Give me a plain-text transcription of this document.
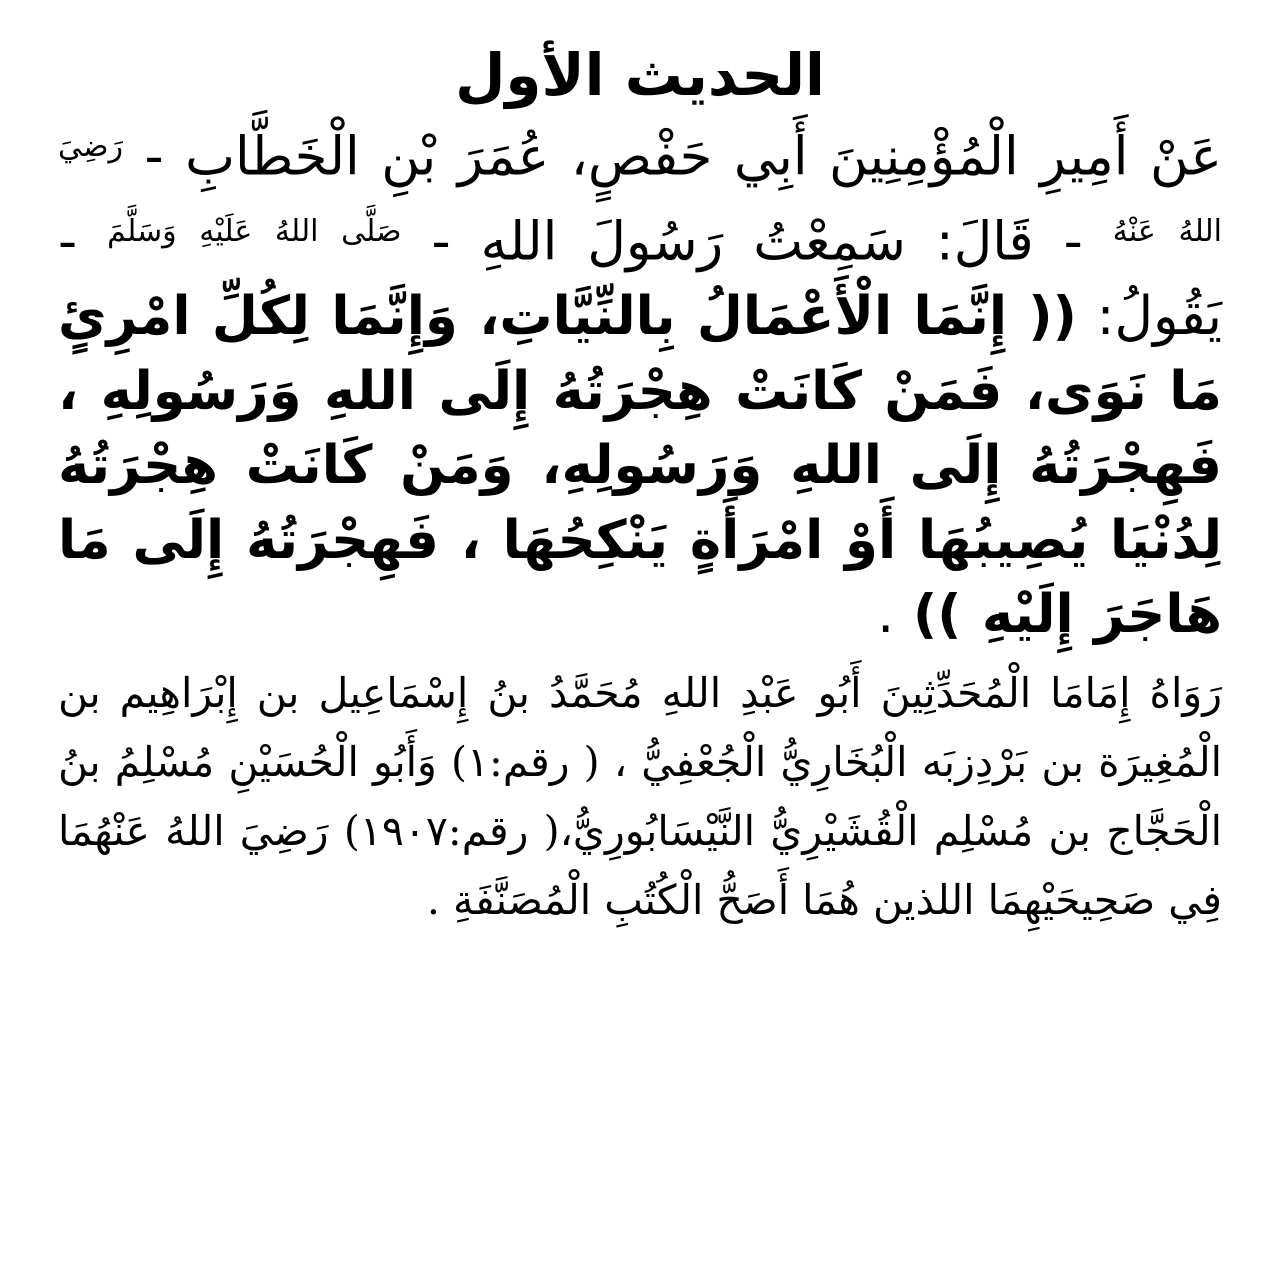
الحديث الأول

عَنْ أَمِيرِ الْمُؤْمِنِينَ أَبِي حَفْصٍ، عُمَرَ بْنِ الْخَطَّابِ - $^{رَضِيَ اللهُ عَنْهُ}$ - قَالَ: سَمِعْتُ رَسُولَ اللهِ - $^{صَلَّى اللهُ عَلَيْهِ وَسَلَّمَ}$ - يَقُولُ: (( إِنَّمَا الْأَعْمَالُ بِالنِّيَّاتِ، وَإِنَّمَا لِكُلِّ امْرِئٍ مَا نَوَى، فَمَنْ كَانَتْ هِجْرَتُهُ إِلَى اللهِ وَرَسُولِهِ ، فَهِجْرَتُهُ إِلَى اللهِ وَرَسُولِهِ، وَمَنْ كَانَتْ هِجْرَتُهُ لِدُنْيَا يُصِيبُهَا أَوْ امْرَأَةٍ يَنْكِحُهَا ، فَهِجْرَتُهُ إِلَى مَا هَاجَرَ إِلَيْهِ )) .

رَوَاهُ إِمَامَا الْمُحَدِّثِينَ أَبُو عَبْدِ اللهِ مُحَمَّدُ بنُ إِسْمَاعِيل بن إِبْرَاهِيم بن الْمُغِيرَة بن بَرْدِزبَه الْبُخَارِيُّ الْجُعْفِيُّ ، ( رقم:١) وَأَبُو الْحُسَيْنِ مُسْلِمُ بنُ الْحَجَّاج بن مُسْلِم الْقُشَيْرِيُّ النَّيْسَابُورِيُّ،( رقم:١٩٠٧) رَضِيَ اللهُ عَنْهُمَا فِي صَحِيحَيْهِمَا اللذين هُمَا أَصَحُّ الْكُتُبِ الْمُصَنَّفَةِ .
